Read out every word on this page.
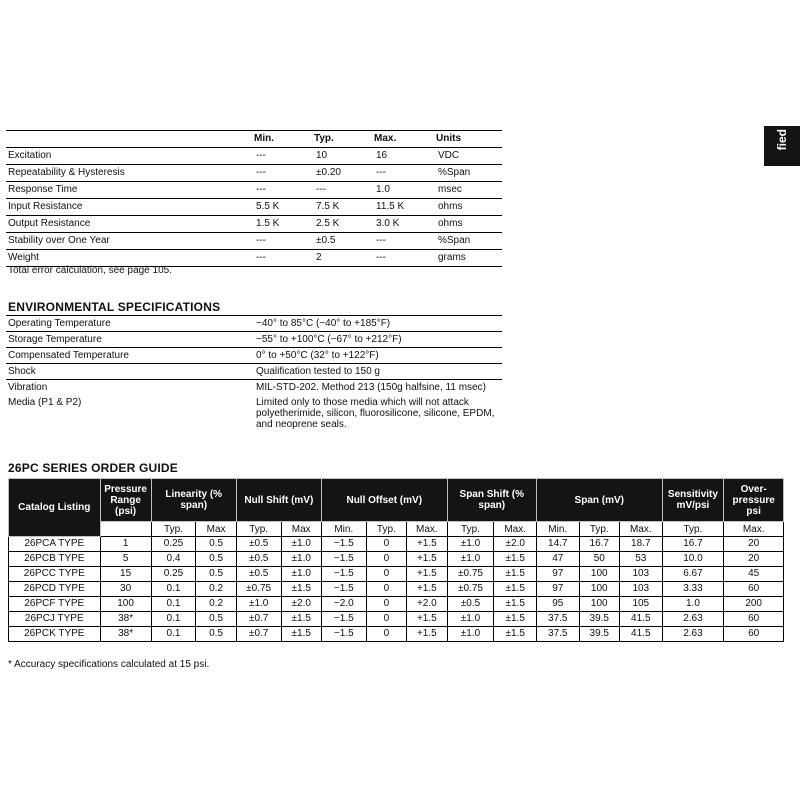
fied
	Min.	Typ.	Max.	Units
Excitation	---	10	16	VDC
Repeatability & Hysteresis	---	±0.20	---	%Span
Response Time	---	---	1.0	msec
Input Resistance	5.5 K	7.5 K	11.5 K	ohms
Output Resistance	1.5 K	2.5 K	3.0 K	ohms
Stability over One Year	---	±0.5	---	%Span
Weight	---	2	---	grams
Total error calculation, see page 105.
ENVIRONMENTAL SPECIFICATIONS
Operating Temperature	−40° to 85°C (−40° to +185°F)
Storage Temperature	−55° to +100°C (−67° to +212°F)
Compensated Temperature	0° to +50°C (32° to +122°F)
Shock	Qualification tested to 150 g
Vibration	MIL-STD-202. Method 213 (150g halfsine, 11 msec)
Media (P1 & P2)	Limited only to those media which will not attack polyetherimide, silicon, fluorosilicone, silicone, EPDM, and neoprene seals.
26PC SERIES ORDER GUIDE
Catalog Listing	Pressure Range (psi)	Linearity (% span)		Null Shift (mV)		Null Offset (mV)			Span Shift (% span)		Span (mV)			Sensitivity mV/psi	Over-pressure psi
		Typ.	Max	Typ.	Max	Min.	Typ.	Max.	Typ.	Max.	Min.	Typ.	Max.	Typ.	Max.
26PCA TYPE	1	0.25	0.5	±0.5	±1.0	−1.5	0	+1.5	±1.0	±2.0	14.7	16.7	18.7	16.7	20
26PCB TYPE	5	0.4	0.5	±0.5	±1.0	−1.5	0	+1.5	±1.0	±1.5	47	50	53	10.0	20
26PCC TYPE	15	0.25	0.5	±0.5	±1.0	−1.5	0	+1.5	±0.75	±1.5	97	100	103	6.67	45
26PCD TYPE	30	0.1	0.2	±0.75	±1.5	−1.5	0	+1.5	±0.75	±1.5	97	100	103	3.33	60
26PCF TYPE	100	0.1	0.2	±1.0	±2.0	−2.0	0	+2.0	±0.5	±1.5	95	100	105	1.0	200
26PCJ TYPE	38*	0.1	0.5	±0.7	±1.5	−1.5	0	+1.5	±1.0	±1.5	37.5	39.5	41.5	2.63	60
26PCK TYPE	38*	0.1	0.5	±0.7	±1.5	−1.5	0	+1.5	±1.0	±1.5	37.5	39.5	41.5	2.63	60
* Accuracy specifications calculated at 15 psi.
